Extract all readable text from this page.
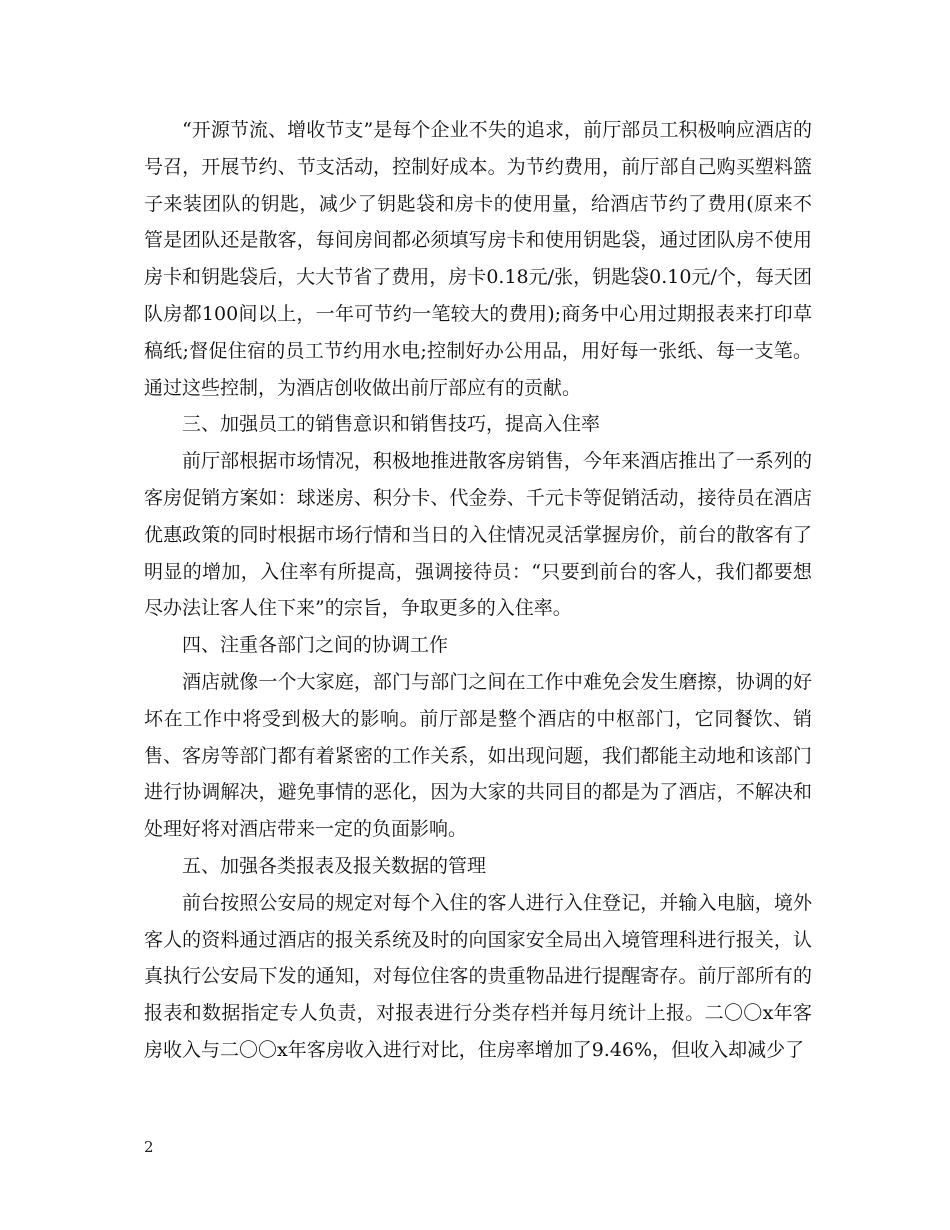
“开源节流、增收节支”是每个企业不失的追求，前厅部员工积极响应酒店的号召，开展节约、节支活动，控制好成本。为节约费用，前厅部自己购买塑料篮子来装团队的钥匙，减少了钥匙袋和房卡的使用量，给酒店节约了费用(原来不管是团队还是散客，每间房间都必须填写房卡和使用钥匙袋，通过团队房不使用房卡和钥匙袋后，大大节省了费用，房卡0.18元/张，钥匙袋0.10元/个，每天团队房都100间以上，一年可节约一笔较大的费用);商务中心用过期报表来打印草稿纸;督促住宿的员工节约用水电;控制好办公用品，用好每一张纸、每一支笔。通过这些控制，为酒店创收做出前厅部应有的贡献。

三、加强员工的销售意识和销售技巧，提高入住率

前厅部根据市场情况，积极地推进散客房销售，今年来酒店推出了一系列的客房促销方案如：球迷房、积分卡、代金券、千元卡等促销活动，接待员在酒店优惠政策的同时根据市场行情和当日的入住情况灵活掌握房价，前台的散客有了明显的增加，入住率有所提高，强调接待员：“只要到前台的客人，我们都要想尽办法让客人住下来”的宗旨，争取更多的入住率。

四、注重各部门之间的协调工作

酒店就像一个大家庭，部门与部门之间在工作中难免会发生磨擦，协调的好坏在工作中将受到极大的影响。前厅部是整个酒店的中枢部门，它同餐饮、销售、客房等部门都有着紧密的工作关系，如出现问题，我们都能主动地和该部门进行协调解决，避免事情的恶化，因为大家的共同目的都是为了酒店，不解决和处理好将对酒店带来一定的负面影响。

五、加强各类报表及报关数据的管理

前台按照公安局的规定对每个入住的客人进行入住登记，并输入电脑，境外客人的资料通过酒店的报关系统及时的向国家安全局出入境管理科进行报关，认真执行公安局下发的通知，对每位住客的贵重物品进行提醒寄存。前厅部所有的报表和数据指定专人负责，对报表进行分类存档并每月统计上报。二〇〇x年客房收入与二〇〇x年客房收入进行对比，住房率增加了9.46%，但收入却减少了

2
